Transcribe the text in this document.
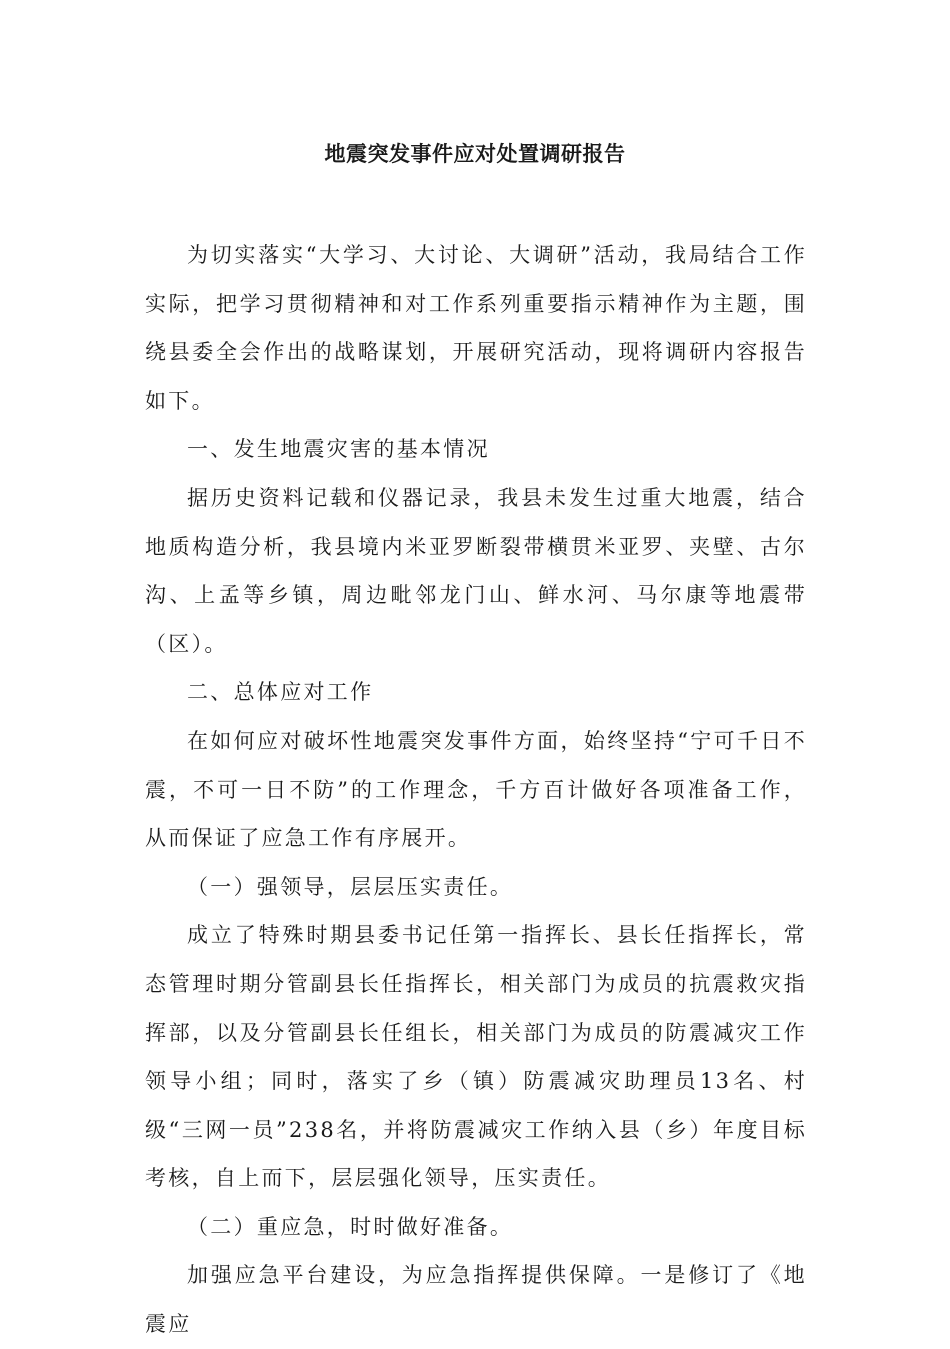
地震突发事件应对处置调研报告

为切实落实“大学习、大讨论、大调研”活动，我局结合工作实际，把学习贯彻精神和对工作系列重要指示精神作为主题，围绕县委全会作出的战略谋划，开展研究活动，现将调研内容报告如下。

一、发生地震灾害的基本情况

据历史资料记载和仪器记录，我县未发生过重大地震，结合地质构造分析，我县境内米亚罗断裂带横贯米亚罗、夹壁、古尔沟、上孟等乡镇，周边毗邻龙门山、鲜水河、马尔康等地震带（区）。

二、总体应对工作

在如何应对破坏性地震突发事件方面，始终坚持“宁可千日不震，不可一日不防”的工作理念，千方百计做好各项准备工作，从而保证了应急工作有序展开。

（一）强领导，层层压实责任。

成立了特殊时期县委书记任第一指挥长、县长任指挥长，常态管理时期分管副县长任指挥长，相关部门为成员的抗震救灾指挥部，以及分管副县长任组长，相关部门为成员的防震减灾工作领导小组；同时，落实了乡（镇）防震减灾助理员13名、村级“三网一员”238名，并将防震减灾工作纳入县（乡）年度目标考核，自上而下，层层强化领导，压实责任。

（二）重应急，时时做好准备。

加强应急平台建设，为应急指挥提供保障。一是修订了《地震应
